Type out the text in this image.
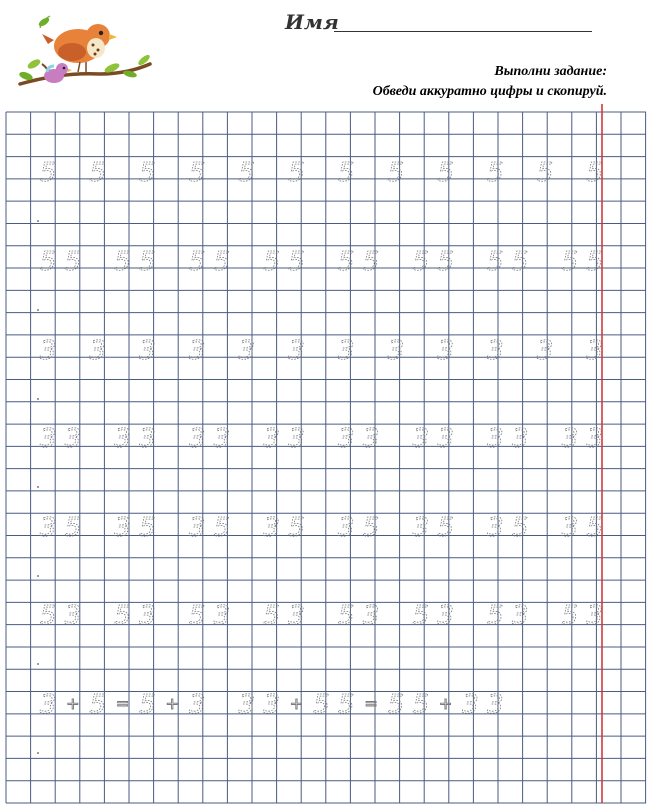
Имя
Выполни задание:
Обведи аккуратно цифры и скопируй.
5 5 5 5 5 5 5 5 5 5 5 5
5 5 5 5 5 5 5 5 5 5 5 5 5 5 5 5
3 3 3 3 3 3 3 3 3 3 3 3
3 3 3 3 3 3 3 3 3 3 3 3 3 3 3 3
3 5 3 5 3 5 3 5 3 5 3 5 3 5 3 5
5 3 5 3 5 3 5 3 5 3 5 3 5 3 5 3
3 + 5 = 5 + 3 3 3 + 5 5 = 5 5 + 3 3
